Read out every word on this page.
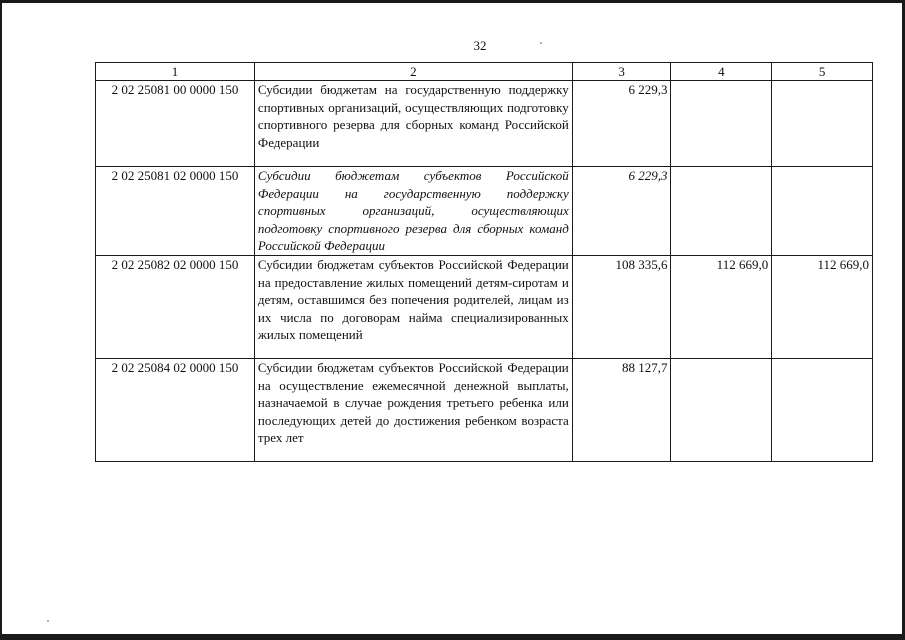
32
1	2	3	4	5
2 02 25081 00 0000 150	Субсидии бюджетам на государственную поддержку спортивных организаций, осуществляющих подготовку спортивного резерва для сборных команд Российской Федерации	6 229,3		
2 02 25081 02 0000 150	Субсидии бюджетам субъектов Российской Федерации на государственную поддержку спортивных организаций, осуществляющих подготовку спортивного резерва для сборных команд Российской Федерации	6 229,3		
2 02 25082 02 0000 150	Субсидии бюджетам субъектов Российской Федерации на предоставление жилых помещений детям-сиротам и детям, оставшимся без попечения родителей, лицам из их числа по договорам найма специализированных жилых помещений	108 335,6	112 669,0	112 669,0
2 02 25084 02 0000 150	Субсидии бюджетам субъектов Российской Федерации на осуществление ежемесячной денежной выплаты, назначаемой в случае рождения третьего ребенка или последующих детей до достижения ребенком возраста трех лет	88 127,7		
